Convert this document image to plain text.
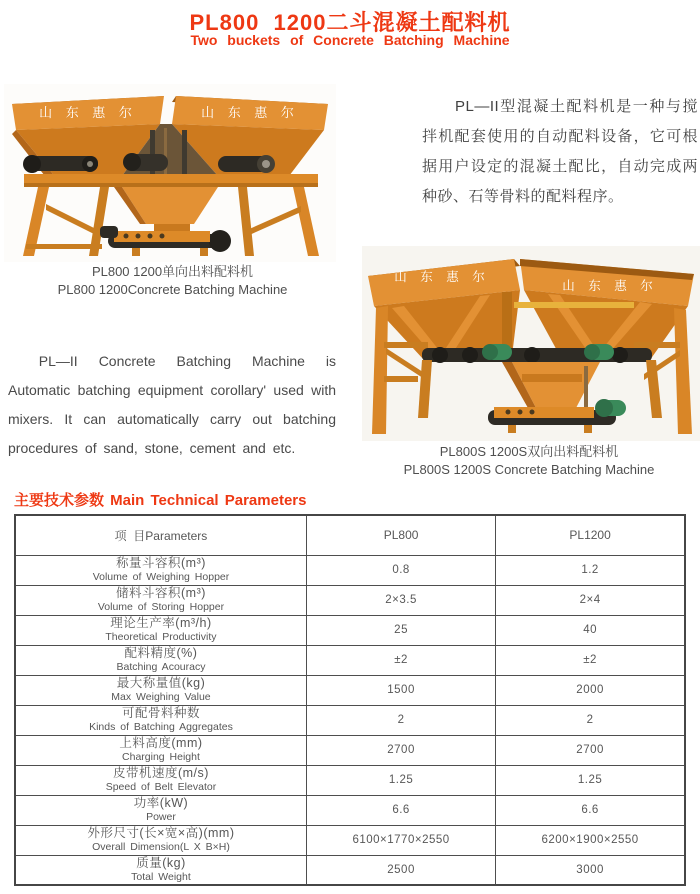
PL800  1200二斗混凝土配料机
Two buckets of Concrete Batching Machine
山 东 惠 尔	山 东 惠 尔	PL—II型混凝土配料机是一种与搅拌机配套使用的自动配料设备，它可根据用户设定的混凝土配比，自动完成两种砂、石等骨料的配料程序。
PL800 1200单向出料配料机
PL800 1200Concrete Batching Machine
PL—II Concrete Batching Machine is Automatic batching equipment corollary' used with mixers. It can automatically carry out batching procedures of sand, stone, cement and etc.
山 东 惠 尔
山 东 惠 尔
PL800S 1200S双向出料配料机
PL800S 1200S Concrete Batching Machine
主要技术参数 Main Technical Parameters
项  目Parameters	PL800	PL1200

称量斗容积(m³)
Volume of Weighing Hopper	0.8	1.2

储料斗容积(m³)
Volume of Storing Hopper	2×3.5	2×4

理论生产率(m³/h)
Theoretical Productivity	25	40

配料精度(%)
Batching Acouracy	±2	±2

最大称量值(kg)
Max Weighing Value	1500	2000

可配骨料种数
Kinds of Batching Aggregates	2	2

上料高度(mm)
Charging Height	2700	2700

皮带机速度(m/s)
Speed of Belt Elevator	1.25	1.25

功率(kW)
Power	6.6	6.6

外形尺寸(长×宽×高)(mm)
Overall Dimension(L X B×H)	6100×1770×2550	6200×1900×2550

质量(kg)
Total Weight	2500	3000
